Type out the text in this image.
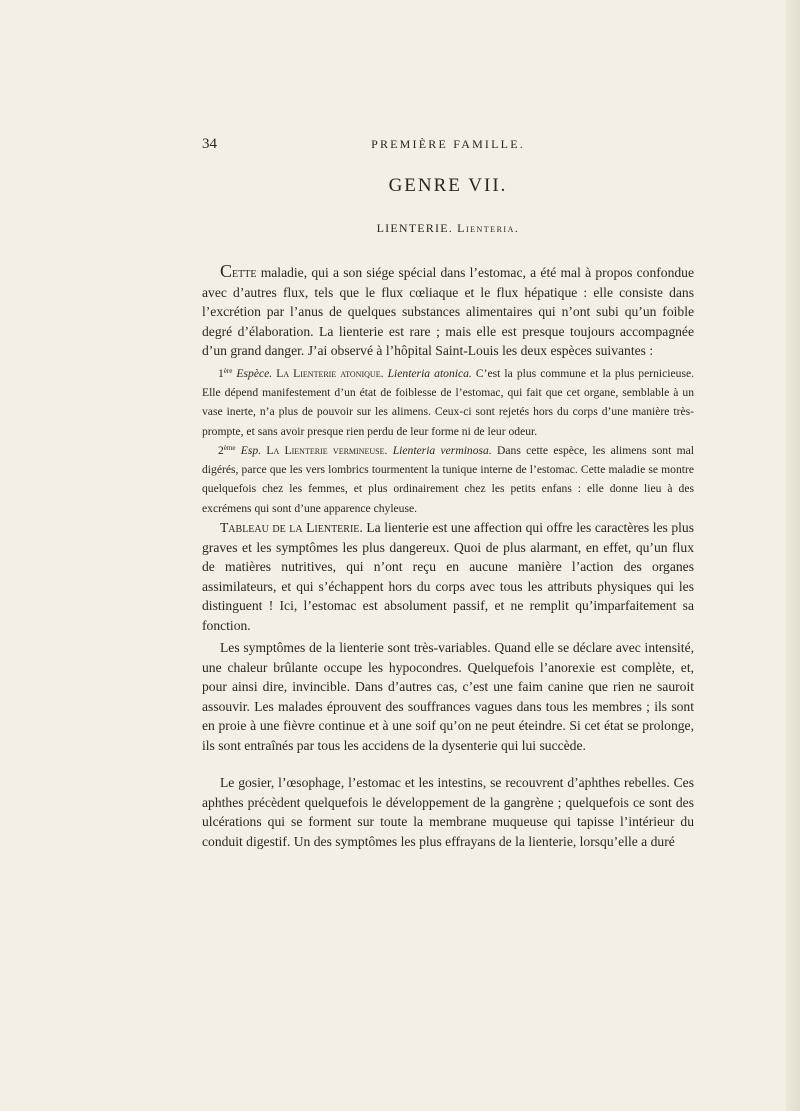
34	PREMIÈRE FAMILLE.
GENRE VII.
LIENTERIE. Lienteria.

Cette maladie, qui a son siége spécial dans l’estomac, a été mal à propos confondue avec d’autres flux, tels que le flux cœliaque et le flux hépatique : elle consiste dans l’excrétion par l’anus de quelques substances alimentaires qui n’ont subi qu’un foible degré d’élaboration. La lienterie est rare ; mais elle est presque toujours accompagnée d’un grand danger. J’ai observé à l’hôpital Saint-Louis les deux espèces suivantes :

1ère Espèce. La Lienterie atonique. Lienteria atonica. C’est la plus commune et la plus pernicieuse. Elle dépend manifestement d’un état de foiblesse de l’estomac, qui fait que cet organe, semblable à un vase inerte, n’a plus de pouvoir sur les alimens. Ceux-ci sont rejetés hors du corps d’une manière très-prompte, et sans avoir presque rien perdu de leur forme ni de leur odeur.

2ème Esp. La Lienterie vermineuse. Lienteria verminosa. Dans cette espèce, les alimens sont mal digérés, parce que les vers lombrics tourmentent la tunique interne de l’estomac. Cette maladie se montre quelquefois chez les femmes, et plus ordinairement chez les petits enfans : elle donne lieu à des excrémens qui sont d’une apparence chyleuse.

Tableau de la Lienterie. La lienterie est une affection qui offre les caractères les plus graves et les symptômes les plus dangereux. Quoi de plus alarmant, en effet, qu’un flux de matières nutritives, qui n’ont reçu en aucune manière l’action des organes assimilateurs, et qui s’échappent hors du corps avec tous les attributs physiques qui les distinguent ! Ici, l’estomac est absolument passif, et ne remplit qu’imparfaitement sa fonction.

Les symptômes de la lienterie sont très-variables. Quand elle se déclare avec intensité, une chaleur brûlante occupe les hypocondres. Quelquefois l’anorexie est complète, et, pour ainsi dire, invincible. Dans d’autres cas, c’est une faim canine que rien ne sauroit assouvir. Les malades éprouvent des souffrances vagues dans tous les membres ; ils sont en proie à une fièvre continue et à une soif qu’on ne peut éteindre. Si cet état se prolonge, ils sont entraînés par tous les accidens de la dysenterie qui lui succède.

Le gosier, l’œsophage, l’estomac et les intestins, se recouvrent d’aphthes rebelles. Ces aphthes précèdent quelquefois le développement de la gangrène ; quelquefois ce sont des ulcérations qui se forment sur toute la membrane muqueuse qui tapisse l’intérieur du conduit digestif. Un des symptômes les plus effrayans de la lienterie, lorsqu’elle a duré
